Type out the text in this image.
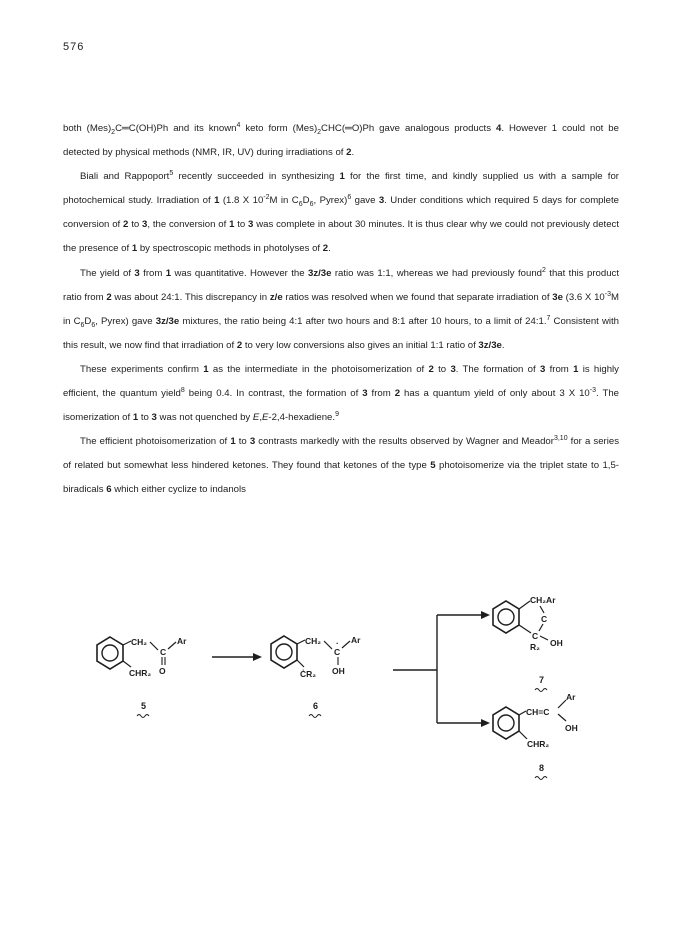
576

both $(Mes)_2C═C(OH)Ph$ and its known$^4$ keto form $(Mes)_2CHC(═O)Ph$ gave analogous products 4. However 1 could not be detected by physical methods (NMR, IR, UV) during irradiations of 2.

Biali and Rappoport$^5$ recently succeeded in synthesizing 1 for the first time, and kindly supplied us with a sample for photochemical study. Irradiation of 1 (1.8 X $10^{-2}M$ in $C_6D_6$, Pyrex)$^6$ gave 3. Under conditions which required 5 days for complete conversion of 2 to 3, the conversion of 1 to 3 was complete in about 30 minutes. It is thus clear why we could not previously detect the presence of 1 by spectroscopic methods in photolyses of 2.

The yield of 3 from 1 was quantitative. However the 3z/3e ratio was 1:1, whereas we had previously found$^2$ that this product ratio from 2 was about 24:1. This discrepancy in z/e ratios was resolved when we found that separate irradiation of 3e (3.6 X $10^{-3}M$ in $C_6D_6$, Pyrex) gave 3z/3e mixtures, the ratio being 4:1 after two hours and 8:1 after 10 hours, to a limit of 24:1.$^7$ Consistent with this result, we now find that irradiation of 2 to very low conversions also gives an initial 1:1 ratio of 3z/3e.

These experiments confirm 1 as the intermediate in the photoisomerization of 2 to 3. The formation of 3 from 1 is highly efficient, the quantum yield$^8$ being 0.4. In contrast, the formation of 3 from 2 has a quantum yield of only about 3 X $10^{-3}$. The isomerization of 1 to 3 was not quenched by E,E-2,4-hexadiene.$^9$

The efficient photoisomerization of 1 to 3 contrasts markedly with the results observed by Wagner and Meador$^{3,10}$ for a series of related but somewhat less hindered ketones. They found that ketones of the type 5 photoisomerize via the triplet state to 1,5-biradicals 6 which either cyclize to indanols

CH₂
C
Ar
O
CHR₂
5
CH₂ ·
C
Ar
OH
ĊR₂
6
CH₂Ar
C
C
OH
R₂
7
CH=C
Ar
OH
CHR₂
8
